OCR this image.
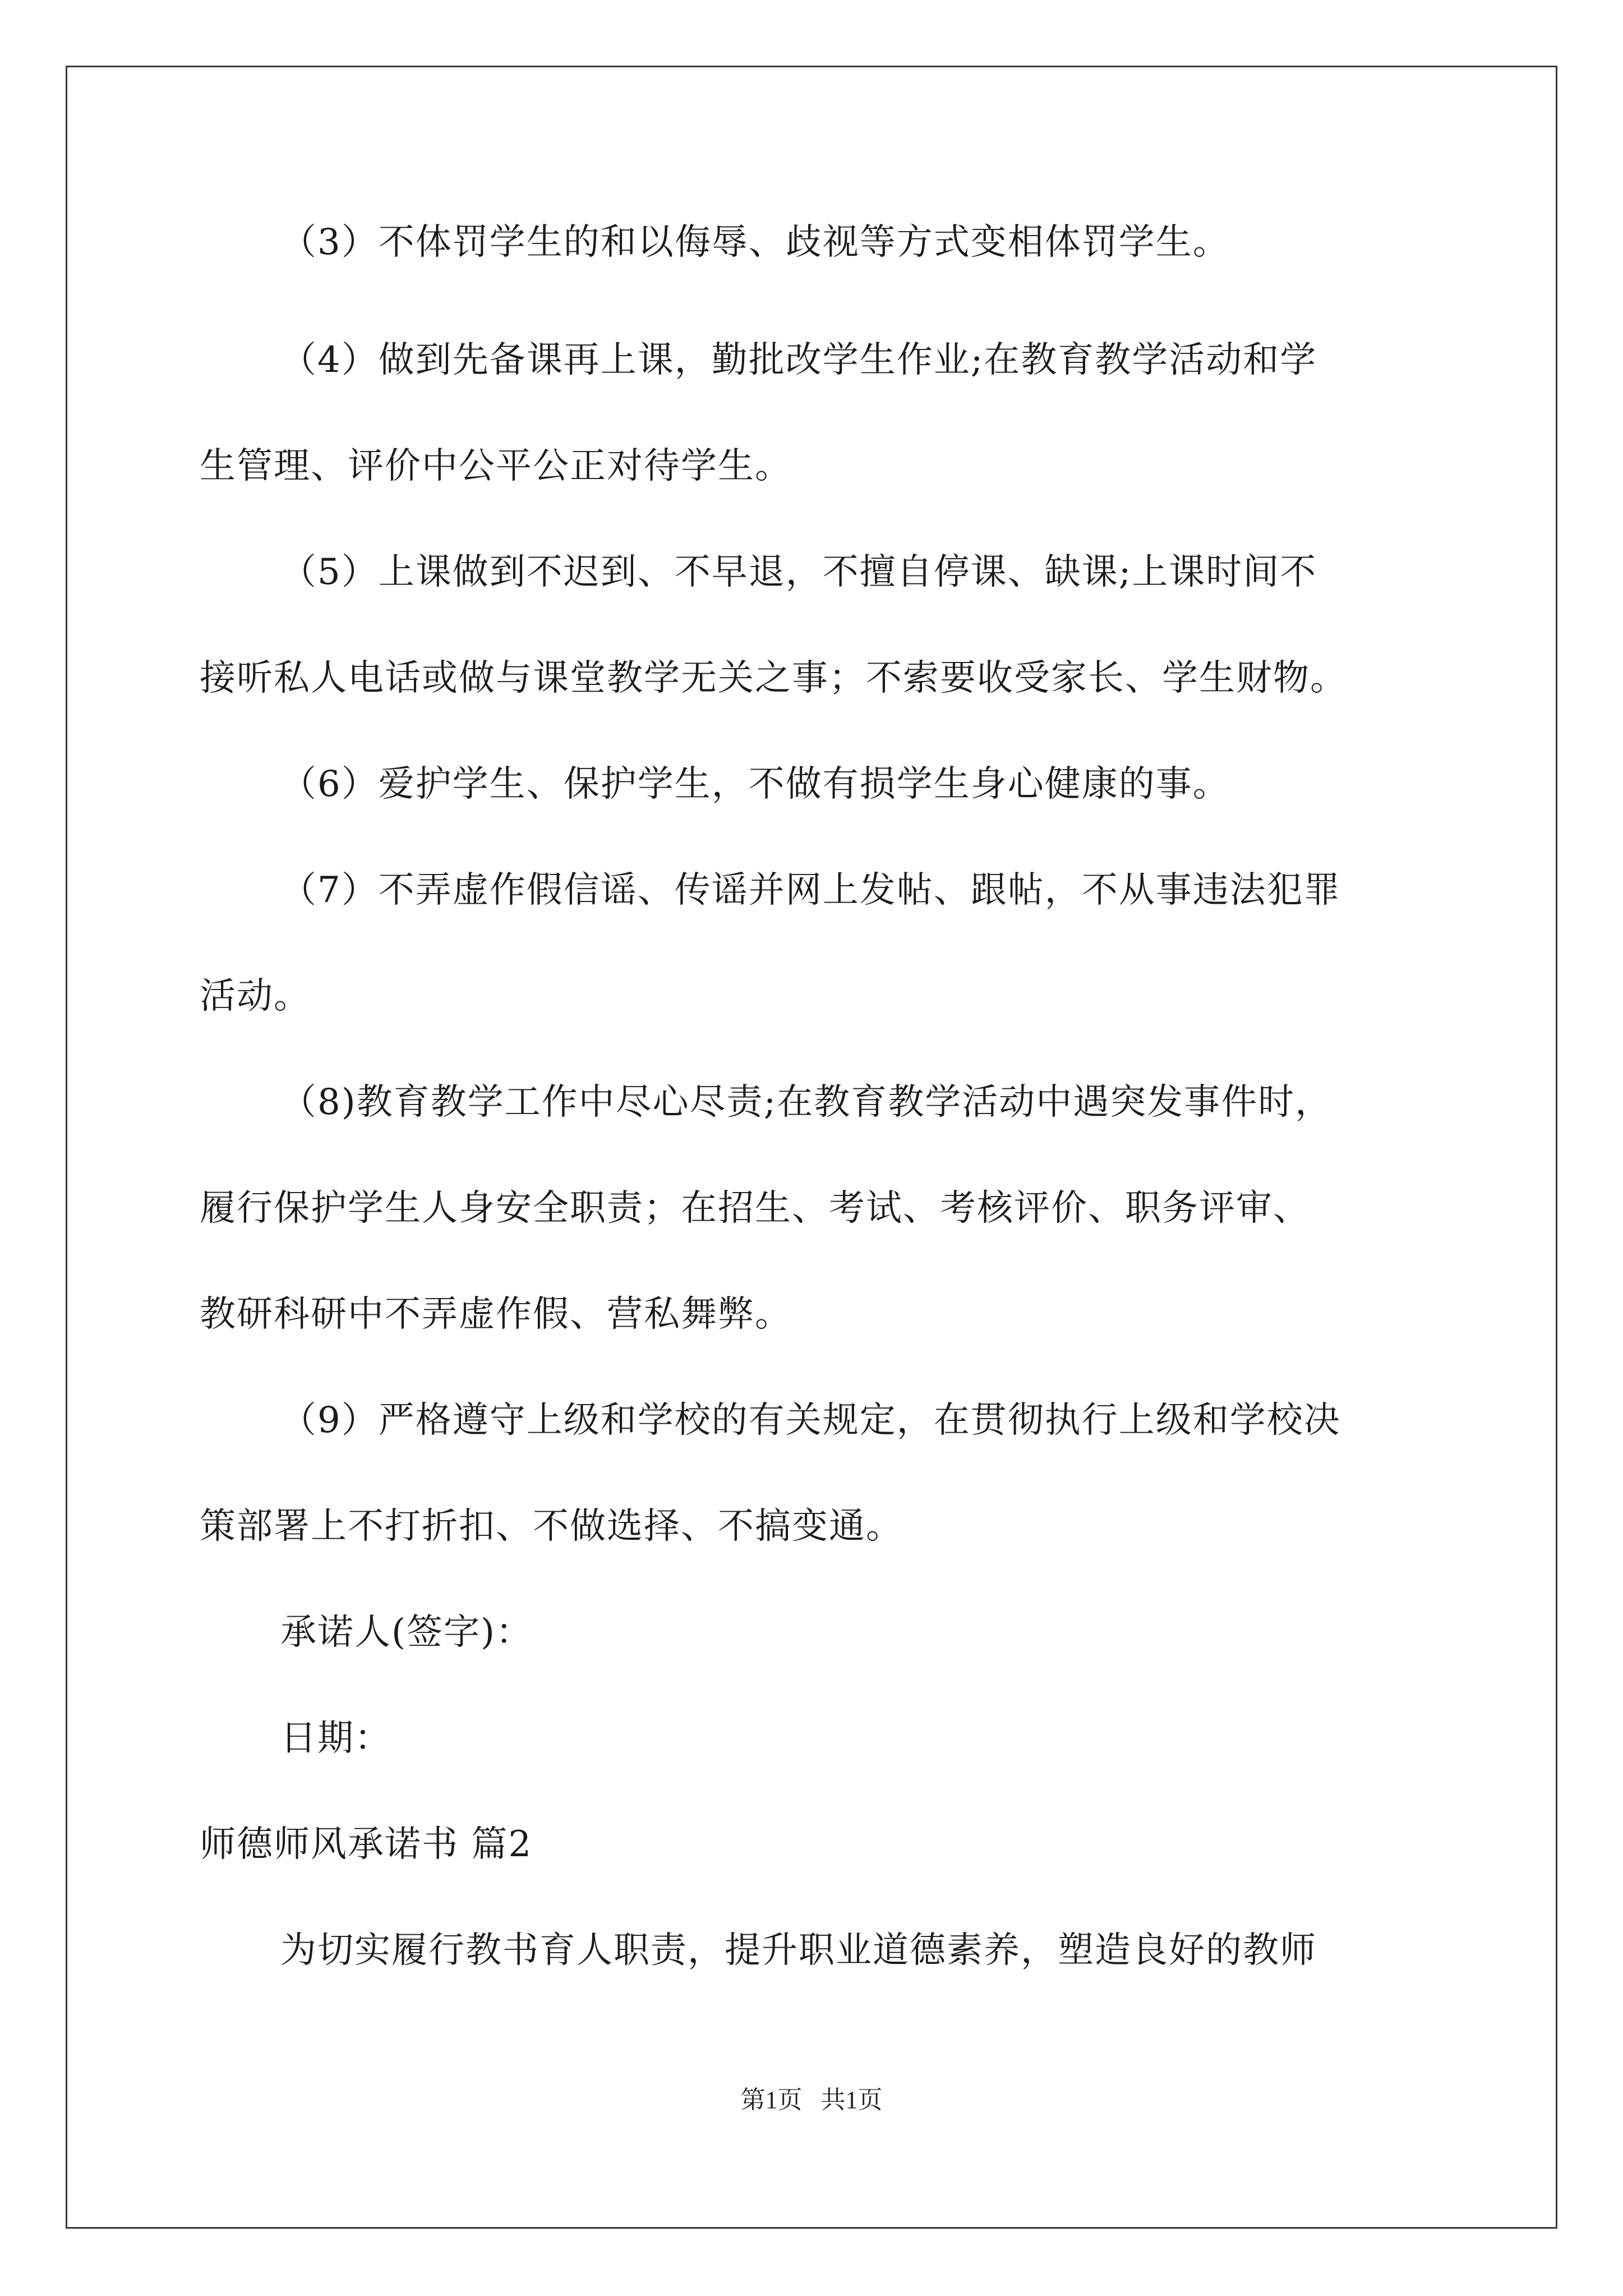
（3）不体罚学生的和以侮辱、歧视等方式变相体罚学生。
（4）做到先备课再上课，勤批改学生作业;在教育教学活动和学
生管理、评价中公平公正对待学生。
（5）上课做到不迟到、不早退，不擅自停课、缺课;上课时间不
接听私人电话或做与课堂教学无关之事；不索要收受家长、学生财物。
（6）爱护学生、保护学生，不做有损学生身心健康的事。
（7）不弄虚作假信谣、传谣并网上发帖、跟帖，不从事违法犯罪
活动。
（8)教育教学工作中尽心尽责;在教育教学活动中遇突发事件时，
履行保护学生人身安全职责；在招生、考试、考核评价、职务评审、
教研科研中不弄虚作假、营私舞弊。
（9）严格遵守上级和学校的有关规定，在贯彻执行上级和学校决
策部署上不打折扣、不做选择、不搞变通。
承诺人(签字)：
日期：
师德师风承诺书 篇2
为切实履行教书育人职责，提升职业道德素养，塑造良好的教师
第1页   共1页
